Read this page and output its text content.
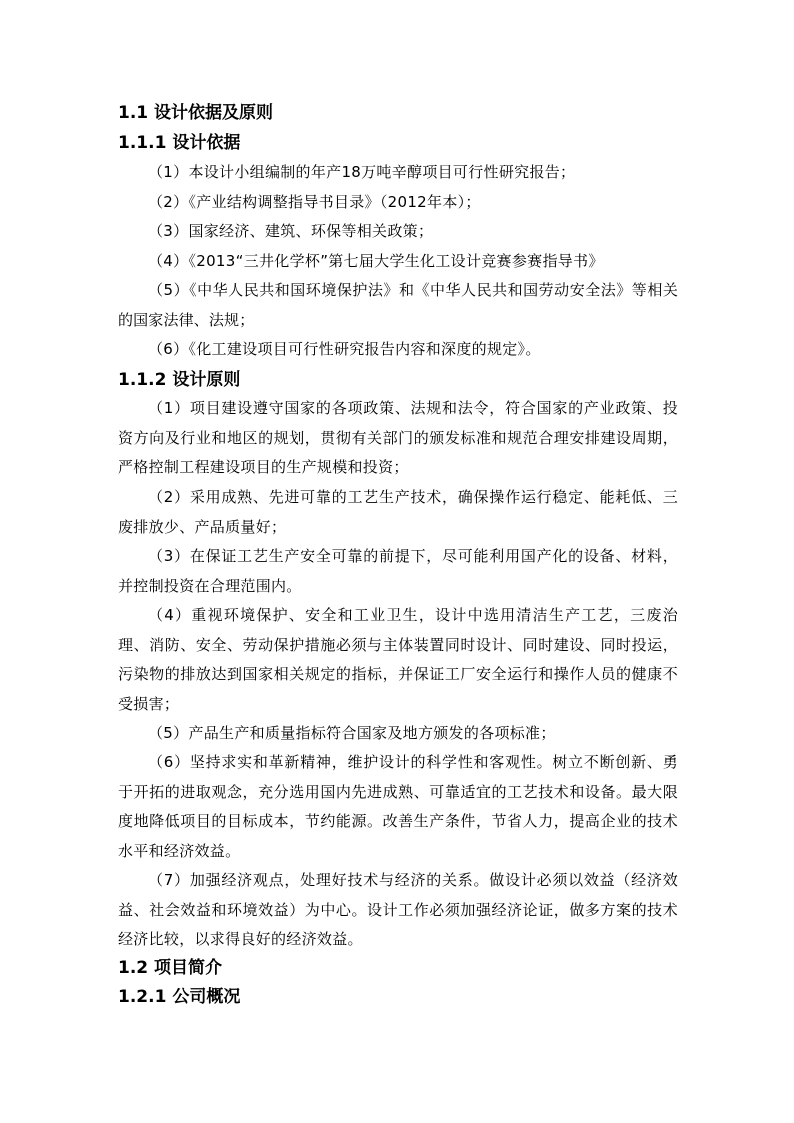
1.1 设计依据及原则
1.1.1 设计依据
（1）本设计小组编制的年产18万吨辛醇项目可行性研究报告；
（2）《产业结构调整指导书目录》（2012年本）；
（3）国家经济、建筑、环保等相关政策；
（4）《2013“三井化学杯”第七届大学生化工设计竞赛参赛指导书》
（5）《中华人民共和国环境保护法》和《中华人民共和国劳动安全法》等相关的国家法律、法规；
（6）《化工建设项目可行性研究报告内容和深度的规定》。
1.1.2 设计原则
（1）项目建设遵守国家的各项政策、法规和法令，符合国家的产业政策、投资方向及行业和地区的规划，贯彻有关部门的颁发标准和规范合理安排建设周期，严格控制工程建设项目的生产规模和投资；
（2）采用成熟、先进可靠的工艺生产技术，确保操作运行稳定、能耗低、三废排放少、产品质量好；
（3）在保证工艺生产安全可靠的前提下，尽可能利用国产化的设备、材料，并控制投资在合理范围内。
（4）重视环境保护、安全和工业卫生，设计中选用清洁生产工艺，三废治理、消防、安全、劳动保护措施必须与主体装置同时设计、同时建设、同时投运，污染物的排放达到国家相关规定的指标，并保证工厂安全运行和操作人员的健康不受损害；
（5）产品生产和质量指标符合国家及地方颁发的各项标准；
（6）坚持求实和革新精神，维护设计的科学性和客观性。树立不断创新、勇于开拓的进取观念，充分选用国内先进成熟、可靠适宜的工艺技术和设备。最大限度地降低项目的目标成本，节约能源。改善生产条件，节省人力，提高企业的技术水平和经济效益。
（7）加强经济观点，处理好技术与经济的关系。做设计必须以效益（经济效益、社会效益和环境效益）为中心。设计工作必须加强经济论证，做多方案的技术经济比较，以求得良好的经济效益。
1.2 项目简介
1.2.1 公司概况
